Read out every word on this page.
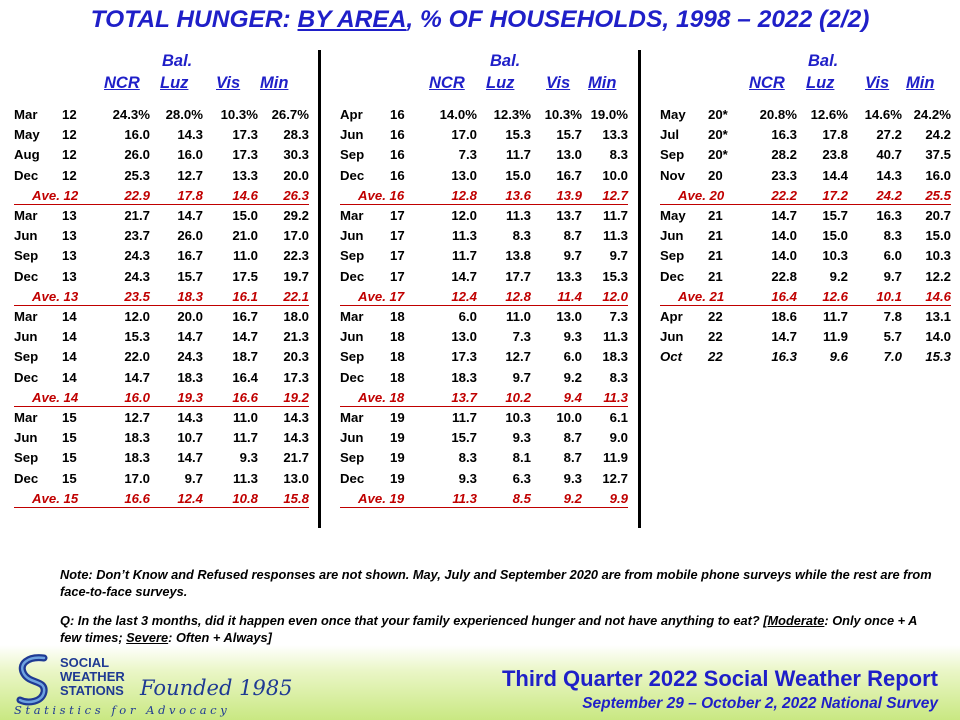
TOTAL HUNGER: BY AREA, % OF HOUSEHOLDS, 1998 – 2022 (2/2)
Bal.
NCR Luz Vis Min
Mar 12	24.3%	28.0%	10.3%	26.7%
May 12	16.0	14.3	17.3	28.3
Aug 12	26.0	16.0	17.3	30.3
Dec 12	25.3	12.7	13.3	20.0
Ave. 12	22.9	17.8	14.6	26.3
Mar 13	21.7	14.7	15.0	29.2
Jun 13	23.7	26.0	21.0	17.0
Sep 13	24.3	16.7	11.0	22.3
Dec 13	24.3	15.7	17.5	19.7
Ave. 13	23.5	18.3	16.1	22.1
Mar 14	12.0	20.0	16.7	18.0
Jun 14	15.3	14.7	14.7	21.3
Sep 14	22.0	24.3	18.7	20.3
Dec 14	14.7	18.3	16.4	17.3
Ave. 14	16.0	19.3	16.6	19.2
Mar 15	12.7	14.3	11.0	14.3
Jun 15	18.3	10.7	11.7	14.3
Sep 15	18.3	14.7	9.3	21.7
Dec 15	17.0	9.7	11.3	13.0
Ave. 15	16.6	12.4	10.8	15.8
Bal.
NCR Luz Vis Min
Apr 16	14.0%	12.3%	10.3% 19.0%
Jun 16	17.0	15.3	15.7	13.3
Sep 16	7.3	11.7	13.0	8.3
Dec 16	13.0	15.0	16.7	10.0
Ave. 16	12.8	13.6	13.9	12.7
Mar 17	12.0	11.3	13.7	11.7
Jun 17	11.3	8.3	8.7	11.3
Sep 17	11.7	13.8	9.7	9.7
Dec 17	14.7	17.7	13.3	15.3
Ave. 17	12.4	12.8	11.4	12.0
Mar 18	6.0	11.0	13.0	7.3
Jun 18	13.0	7.3	9.3	11.3
Sep 18	17.3	12.7	6.0	18.3
Dec 18	18.3	9.7	9.2	8.3
Ave. 18	13.7	10.2	9.4	11.3
Mar 19	11.7	10.3	10.0	6.1
Jun 19	15.7	9.3	8.7	9.0
Sep 19	8.3	8.1	8.7	11.9
Dec 19	9.3	6.3	9.3	12.7
Ave. 19	11.3	8.5	9.2	9.9
Bal.
NCR Luz Vis Min
May 20*	20.8%	12.6%	14.6% 24.2%
Jul 20*	16.3	17.8	27.2	24.2
Sep 20*	28.2	23.8	40.7	37.5
Nov 20	23.3	14.4	14.3	16.0
Ave. 20	22.2	17.2	24.2	25.5
May 21	14.7	15.7	16.3	20.7
Jun 21	14.0	15.0	8.3	15.0
Sep 21	14.0	10.3	6.0	10.3
Dec 21	22.8	9.2	9.7	12.2
Ave. 21	16.4	12.6	10.1	14.6
Apr 22	18.6	11.7	7.8	13.1
Jun 22	14.7	11.9	5.7	14.0
Oct 22	16.3	9.6	7.0	15.3
Note: Don’t Know and Refused responses are not shown. May, July and September 2020 are from mobile phone surveys while the rest are from face-to-face surveys.
Q: In the last 3 months, did it happen even once that your family experienced hunger and not have anything to eat? [Moderate: Only once + A few times; Severe: Often + Always]
SOCIAL
WEATHER
STATIONS Founded 1985
Statistics for Advocacy
Third Quarter 2022 Social Weather Report
September 29 – October 2, 2022 National Survey
